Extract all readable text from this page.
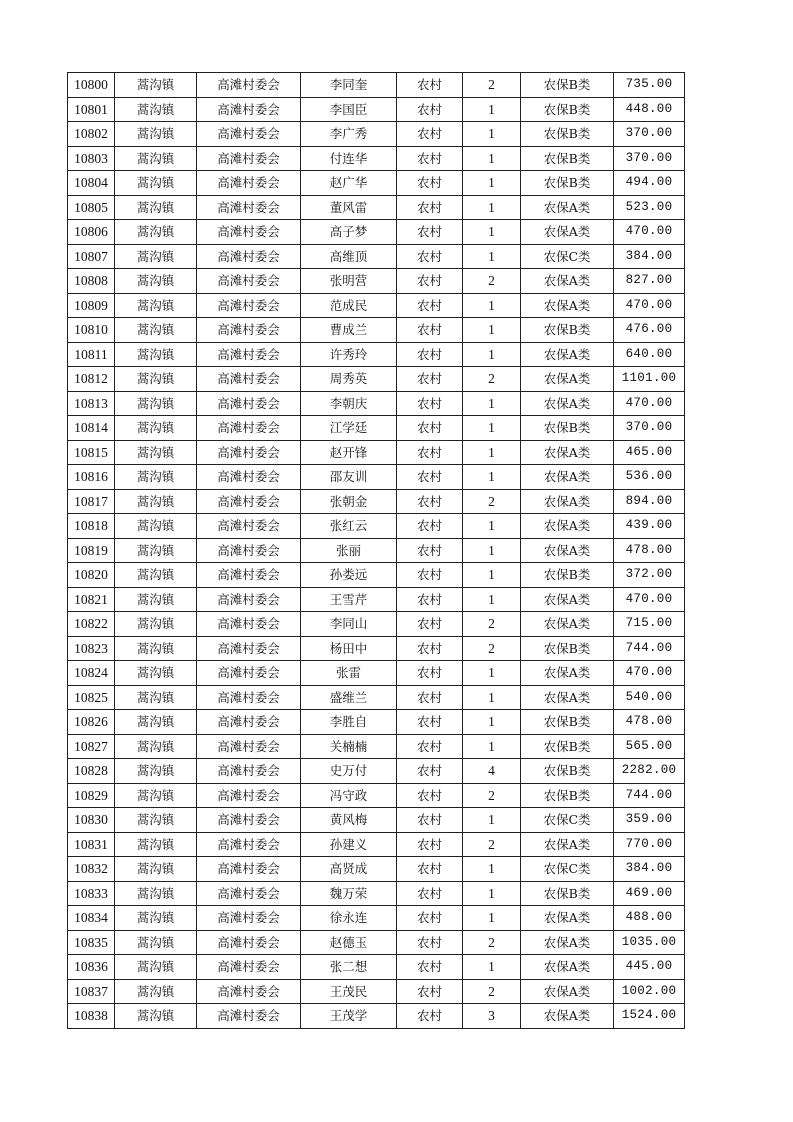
10800	蒿沟镇	高滩村委会	李同奎	农村	2	农保B类	735.00
10801	蒿沟镇	高滩村委会	李国臣	农村	1	农保B类	448.00
10802	蒿沟镇	高滩村委会	李广秀	农村	1	农保B类	370.00
10803	蒿沟镇	高滩村委会	付连华	农村	1	农保B类	370.00
10804	蒿沟镇	高滩村委会	赵广华	农村	1	农保B类	494.00
10805	蒿沟镇	高滩村委会	董风雷	农村	1	农保A类	523.00
10806	蒿沟镇	高滩村委会	高子梦	农村	1	农保A类	470.00
10807	蒿沟镇	高滩村委会	高维顶	农村	1	农保C类	384.00
10808	蒿沟镇	高滩村委会	张明营	农村	2	农保A类	827.00
10809	蒿沟镇	高滩村委会	范成民	农村	1	农保A类	470.00
10810	蒿沟镇	高滩村委会	曹成兰	农村	1	农保B类	476.00
10811	蒿沟镇	高滩村委会	许秀玲	农村	1	农保A类	640.00
10812	蒿沟镇	高滩村委会	周秀英	农村	2	农保A类	1101.00
10813	蒿沟镇	高滩村委会	李朝庆	农村	1	农保A类	470.00
10814	蒿沟镇	高滩村委会	江学廷	农村	1	农保B类	370.00
10815	蒿沟镇	高滩村委会	赵开锋	农村	1	农保A类	465.00
10816	蒿沟镇	高滩村委会	邵友训	农村	1	农保A类	536.00
10817	蒿沟镇	高滩村委会	张朝金	农村	2	农保A类	894.00
10818	蒿沟镇	高滩村委会	张红云	农村	1	农保A类	439.00
10819	蒿沟镇	高滩村委会	张丽	农村	1	农保A类	478.00
10820	蒿沟镇	高滩村委会	孙娄远	农村	1	农保B类	372.00
10821	蒿沟镇	高滩村委会	王雪芹	农村	1	农保A类	470.00
10822	蒿沟镇	高滩村委会	李同山	农村	2	农保A类	715.00
10823	蒿沟镇	高滩村委会	杨田中	农村	2	农保B类	744.00
10824	蒿沟镇	高滩村委会	张雷	农村	1	农保A类	470.00
10825	蒿沟镇	高滩村委会	盛维兰	农村	1	农保A类	540.00
10826	蒿沟镇	高滩村委会	李胜自	农村	1	农保B类	478.00
10827	蒿沟镇	高滩村委会	关楠楠	农村	1	农保B类	565.00
10828	蒿沟镇	高滩村委会	史万付	农村	4	农保B类	2282.00
10829	蒿沟镇	高滩村委会	冯守政	农村	2	农保B类	744.00
10830	蒿沟镇	高滩村委会	黄风梅	农村	1	农保C类	359.00
10831	蒿沟镇	高滩村委会	孙建义	农村	2	农保A类	770.00
10832	蒿沟镇	高滩村委会	高贤成	农村	1	农保C类	384.00
10833	蒿沟镇	高滩村委会	魏万荣	农村	1	农保B类	469.00
10834	蒿沟镇	高滩村委会	徐永连	农村	1	农保A类	488.00
10835	蒿沟镇	高滩村委会	赵德玉	农村	2	农保A类	1035.00
10836	蒿沟镇	高滩村委会	张二想	农村	1	农保A类	445.00
10837	蒿沟镇	高滩村委会	王茂民	农村	2	农保A类	1002.00
10838	蒿沟镇	高滩村委会	王茂学	农村	3	农保A类	1524.00
